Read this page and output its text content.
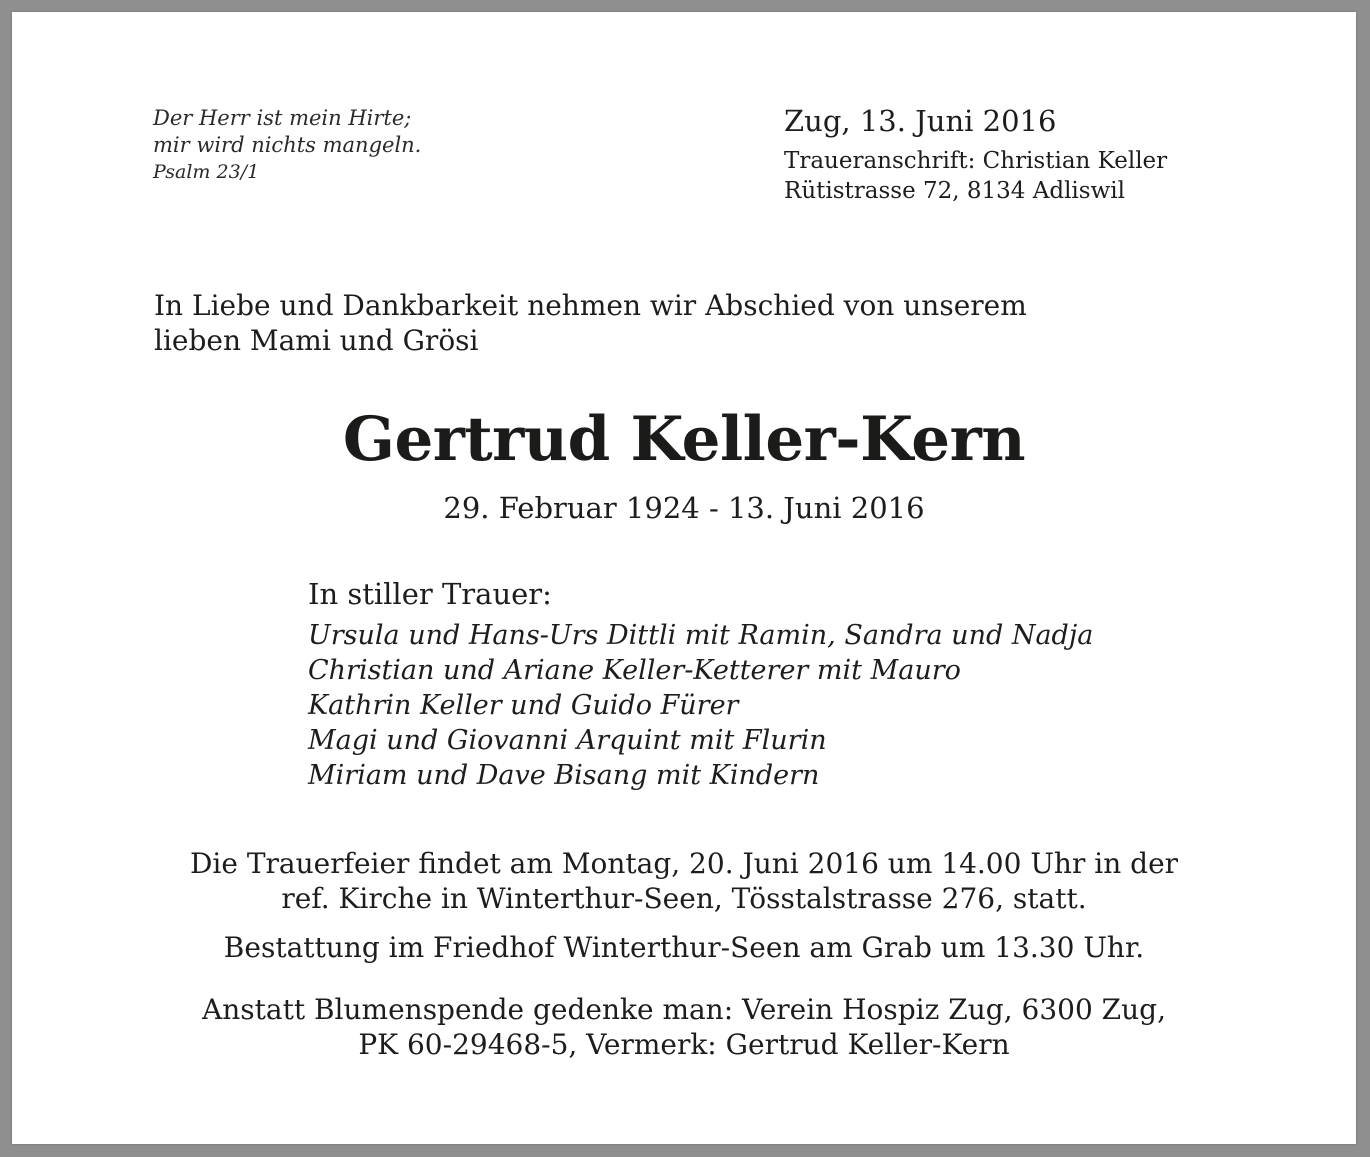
Der Herr ist mein Hirte;
mir wird nichts mangeln.
Psalm 23/1
Zug, 13. Juni 2016
Traueranschrift: Christian Keller
Rütistrasse 72, 8134 Adliswil
In Liebe und Dankbarkeit nehmen wir Abschied von unserem
lieben Mami und Grösi
Gertrud Keller-Kern
29. Februar 1924 - 13. Juni 2016
In stiller Trauer:
Ursula und Hans-Urs Dittli mit Ramin, Sandra und Nadja
Christian und Ariane Keller-Ketterer mit Mauro
Kathrin Keller und Guido Fürer
Magi und Giovanni Arquint mit Flurin
Miriam und Dave Bisang mit Kindern
Die Trauerfeier findet am Montag, 20. Juni 2016 um 14.00 Uhr in der
ref. Kirche in Winterthur-Seen, Tösstalstrasse 276, statt.
Bestattung im Friedhof Winterthur-Seen am Grab um 13.30 Uhr.
Anstatt Blumenspende gedenke man: Verein Hospiz Zug, 6300 Zug,
PK 60-29468-5, Vermerk: Gertrud Keller-Kern
